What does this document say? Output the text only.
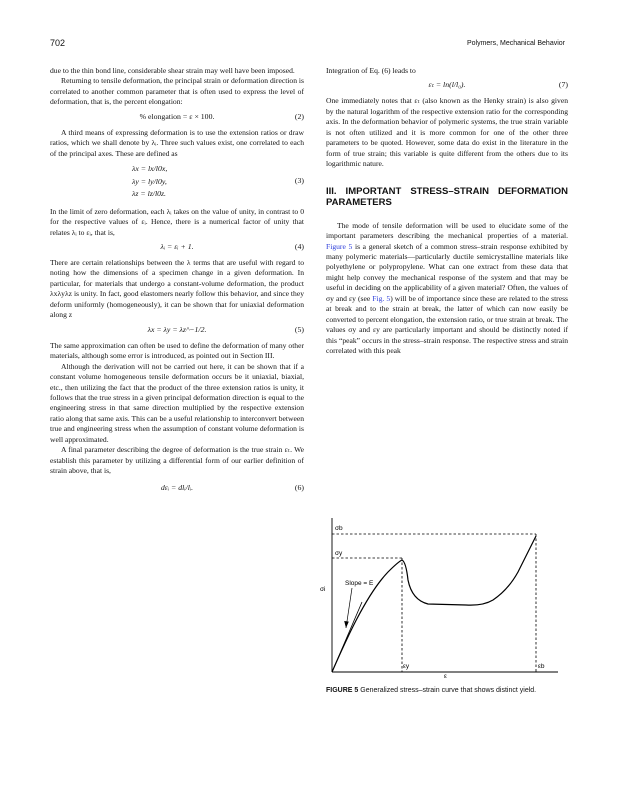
702	Polymers, Mechanical Behavior

due to the thin bond line, considerable shear strain may well have been imposed.

Returning to tensile deformation, the principal strain or deformation direction is correlated to another common parameter that is often used to express the level of deformation, that is, the percent elongation:

% elongation = ε × 100.	(2)

A third means of expressing deformation is to use the extension ratios or draw ratios, which we shall denote by λᵢ. Three such values exist, one correlated to each of the principal axes. These are defined as

λx = lx/l0x,
λy = ly/l0y,
λz = lz/l0z.
(3)

In the limit of zero deformation, each λᵢ takes on the value of unity, in contrast to 0 for the respective values of εᵢ. Hence, there is a numerical factor of unity that relates λᵢ to εᵢ, that is,

λᵢ = εᵢ + 1.	(4)

There are certain relationships between the λ terms that are useful with regard to noting how the dimensions of a specimen change in a given deformation. In particular, for materials that undergo a constant-volume deformation, the product λxλyλz is unity. In fact, good elastomers nearly follow this behavior, and since they deform uniformly (homogeneously), it can be shown that for uniaxial deformation along z

λx = λy = λz^−1/2.	(5)

The same approximation can often be used to define the deformation of many other materials, although some error is introduced, as pointed out in Section III.

Although the derivation will not be carried out here, it can be shown that if a constant volume homogeneous tensile deformation occurs be it uniaxial, biaxial, etc., then utilizing the fact that the product of the three extension ratios is unity, it follows that the true stress in a given principal deformation direction is equal to the engineering stress in that same direction multiplied by the respective extension ratio along that same axis. This can be a useful relationship to interconvert between true and engineering stress when the assumption of constant volume deformation is well approximated.

A final parameter describing the degree of deformation is the true strain εₜ. We establish this parameter by utilizing a differential form of our earlier definition of strain above, that is,

dεᵢ = dlᵢ/lᵢ.	(6)

Integration of Eq. (6) leads to

εₜ = ln(l/l₀).	(7)

One immediately notes that εₜ (also known as the Henky strain) is also given by the natural logarithm of the respective extension ratio for the corresponding axis. In the deformation behavior of polymeric systems, the true strain variable is not often utilized and it is more common for one of the other three parameters to be quoted. However, some data do exist in the literature in the form of true strain; this variable is quite different from the others due to its logarithmic nature.

III. IMPORTANT STRESS–STRAIN DEFORMATION PARAMETERS

The mode of tensile deformation will be used to elucidate some of the important parameters describing the mechanical properties of a material. Figure 5 is a general sketch of a common stress–strain response exhibited by many polymeric materials—particularly ductile semicrystalline materials like polyethylene or polypropylene. What can one extract from these data that might help convey the mechanical response of the system and that may be useful in deciding on the applicability of a given material? Often, the values of σy and εy (see Fig. 5) will be of importance since these are related to the stress at break and to the strain at break, the latter of which can now easily be converted to percent elongation, the extension ratio, or true strain at break. The values σy and εy are particularly important and should be distinctly noted if this “peak” occurs in the stress–strain response. The respective stress and strain correlated with this peak

σb
σy
σi
Slope = E
εy
ε
εb
FIGURE 5 Generalized stress–strain curve that shows distinct yield.
